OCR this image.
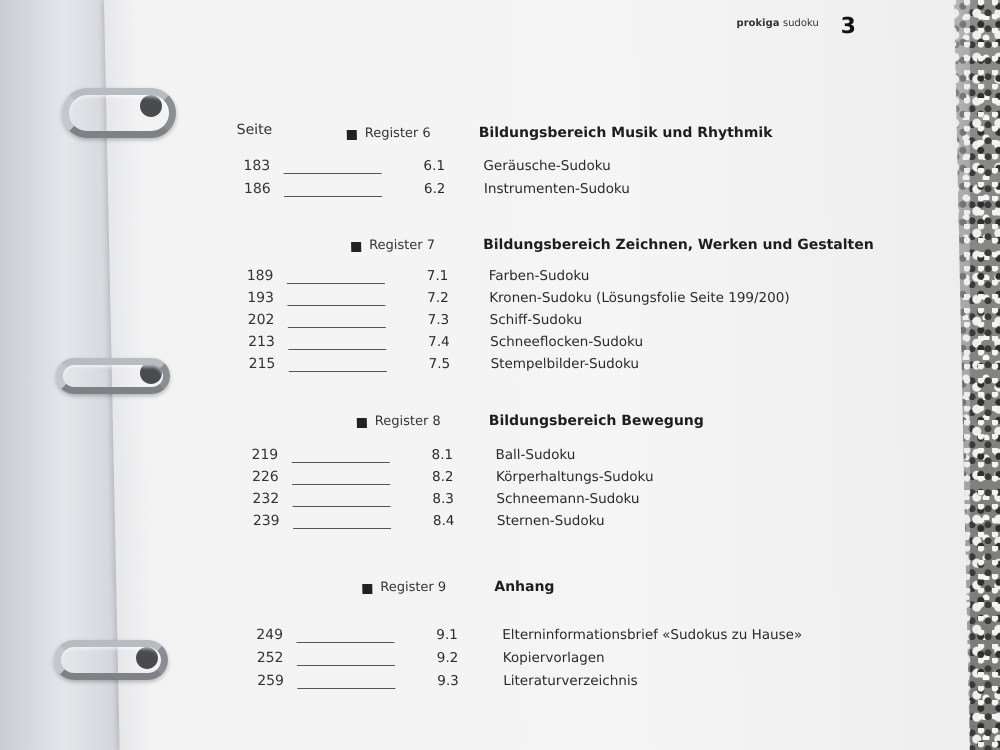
prokiga sudoku 3
Seite	Register 6	Bildungsbereich Musik und Rhythmik
183	6.1	Geräusche-Sudoku
186	6.2	Instrumenten-Sudoku
Register 7	Bildungsbereich Zeichnen, Werken und Gestalten
189	7.1	Farben-Sudoku
193	7.2	Kronen-Sudoku (Lösungsfolie Seite 199/200)
202	7.3	Schiff-Sudoku
213	7.4	Schneeflocken-Sudoku
215	7.5	Stempelbilder-Sudoku
Register 8	Bildungsbereich Bewegung
219	8.1	Ball-Sudoku
226	8.2	Körperhaltungs-Sudoku
232	8.3	Schneemann-Sudoku
239	8.4	Sternen-Sudoku
Register 9	Anhang
249	9.1	Elterninformationsbrief «Sudokus zu Hause»
252	9.2	Kopiervorlagen
259	9.3	Literaturverzeichnis
